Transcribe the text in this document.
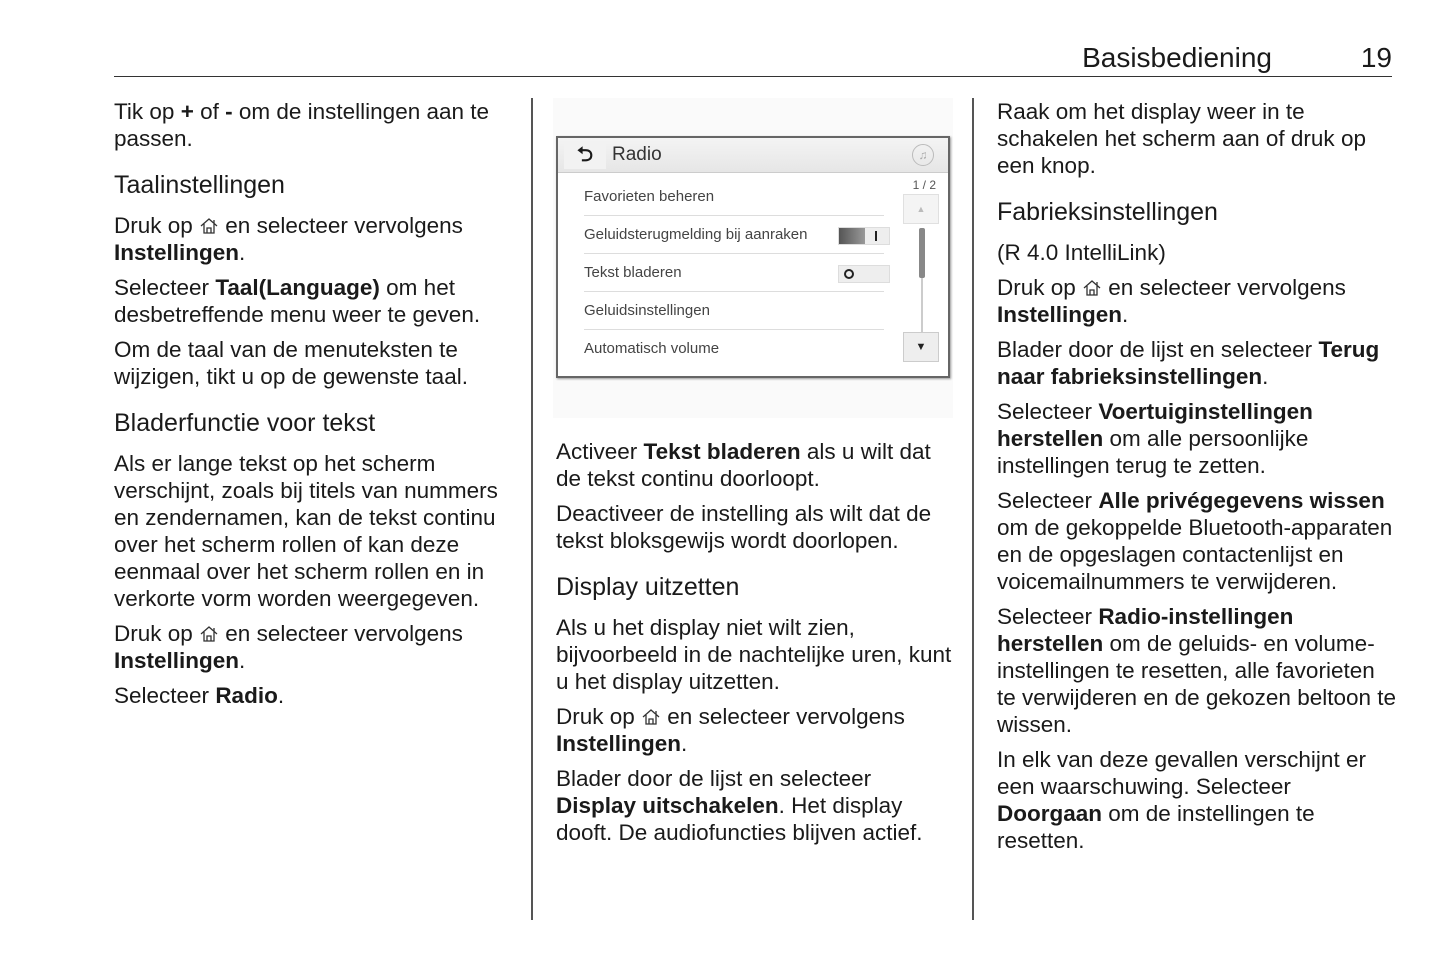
Basisbediening	19

Tik op + of - om de instellingen aan te passen.

Taalinstellingen

Druk op  en selecteer vervolgens Instellingen.

Selecteer Taal(Language) om het desbetreffende menu weer te geven.

Om de taal van de menuteksten te wijzigen, tikt u op de gewenste taal.

Bladerfunctie voor tekst

Als er lange tekst op het scherm verschijnt, zoals bij titels van nummers en zendernamen, kan de tekst continu over het scherm rollen of kan deze eenmaal over het scherm rollen en in verkorte vorm worden weergegeven.

Druk op  en selecteer vervolgens Instellingen.

Selecteer Radio.

⮌ Radio	♫
Favorieten beheren
Geluidsterugmelding bij aanraken
Tekst bladeren
Geluidsinstellingen
Automatisch volume
1 / 2
▲
▼

Activeer Tekst bladeren als u wilt dat de tekst continu doorloopt.

Deactiveer de instelling als wilt dat de tekst bloksgewijs wordt doorlopen.

Display uitzetten

Als u het display niet wilt zien, bijvoorbeeld in de nachtelijke uren, kunt u het display uitzetten.

Druk op  en selecteer vervolgens Instellingen.

Blader door de lijst en selecteer Display uitschakelen. Het display dooft. De audiofuncties blijven actief.

Raak om het display weer in te schakelen het scherm aan of druk op een knop.

Fabrieksinstellingen

(R 4.0 IntelliLink)

Druk op  en selecteer vervolgens Instellingen.

Blader door de lijst en selecteer Terug naar fabrieksinstellingen.

Selecteer Voertuiginstellingen herstellen om alle persoonlijke instellingen terug te zetten.

Selecteer Alle privégegevens wissen om de gekoppelde Bluetooth-apparaten en de opgeslagen contactenlijst en voicemailnummers te verwijderen.

Selecteer Radio-instellingen herstellen om de geluids- en volume-instellingen te resetten, alle favorieten te verwijderen en de gekozen beltoon te wissen.

In elk van deze gevallen verschijnt er een waarschuwing. Selecteer Doorgaan om de instellingen te resetten.
